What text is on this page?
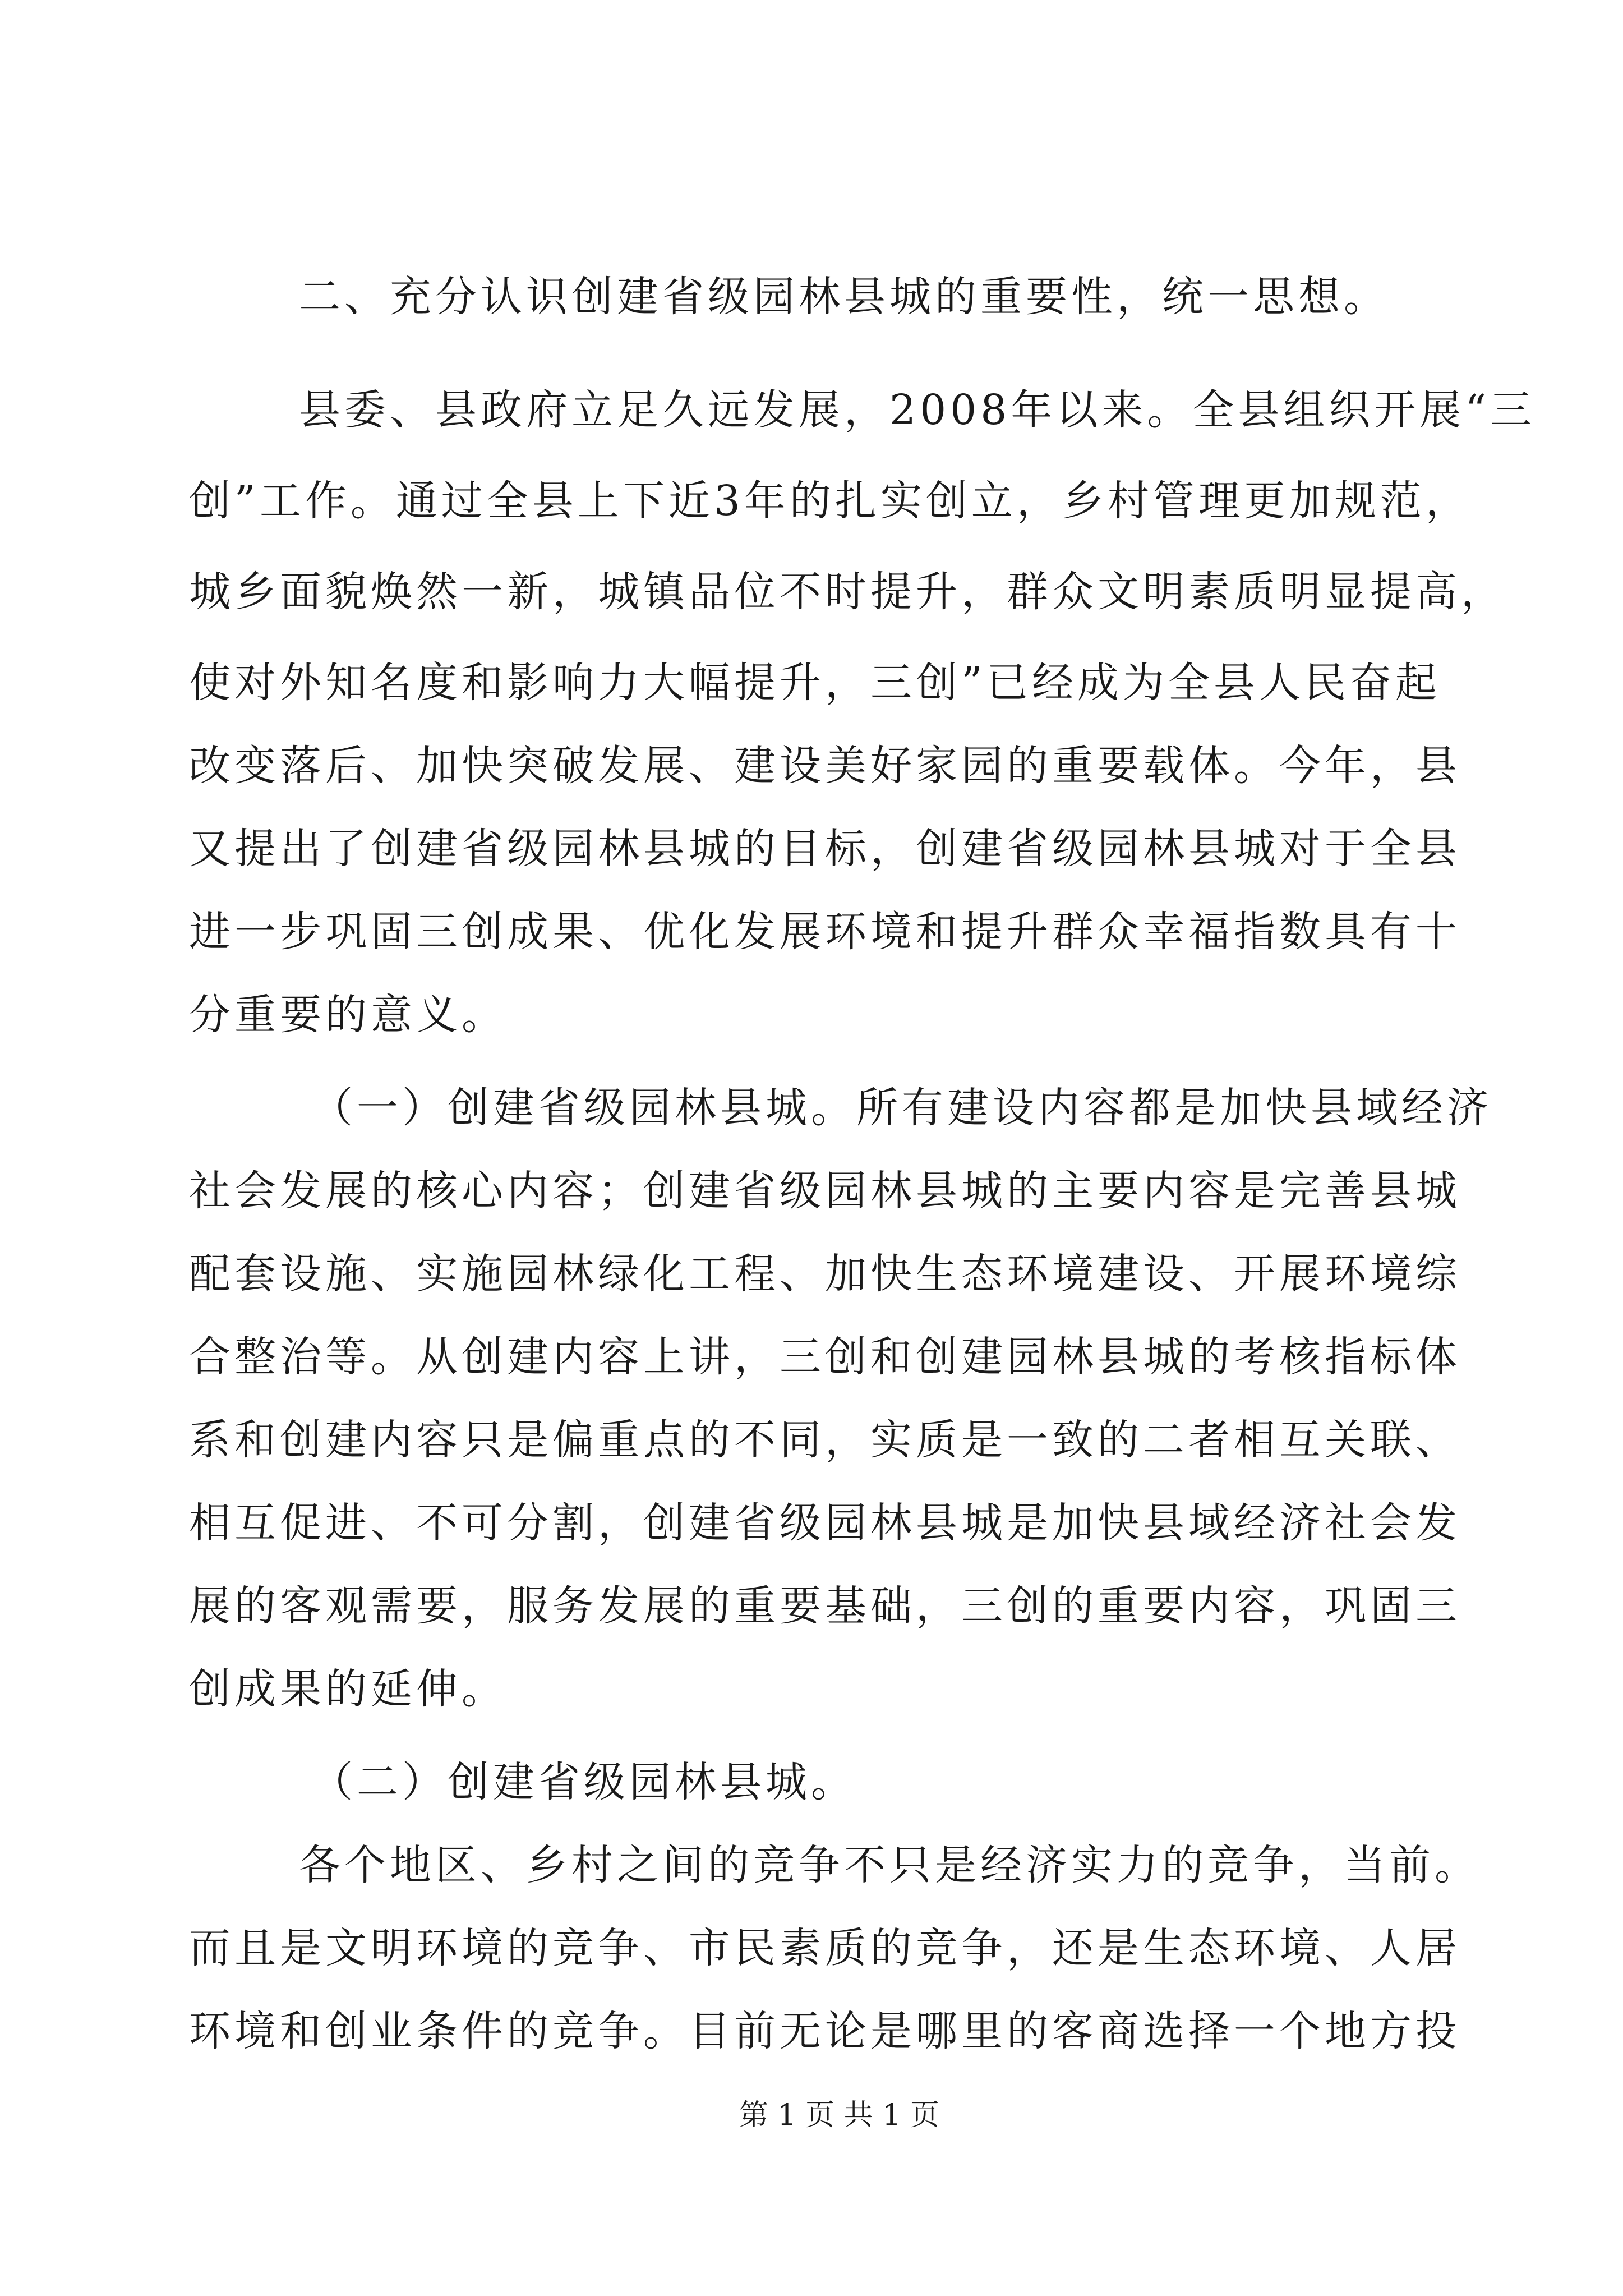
二、充分认识创建省级园林县城的重要性，统一思想。
县委、县政府立足久远发展，2008年以来。全县组织开展“三
创”工作。通过全县上下近3年的扎实创立，乡村管理更加规范，
城乡面貌焕然一新，城镇品位不时提升，群众文明素质明显提高，
使对外知名度和影响力大幅提升，三创”已经成为全县人民奋起
改变落后、加快突破发展、建设美好家园的重要载体。今年，县
又提出了创建省级园林县城的目标，创建省级园林县城对于全县
进一步巩固三创成果、优化发展环境和提升群众幸福指数具有十
分重要的意义。
（一）创建省级园林县城。所有建设内容都是加快县域经济
社会发展的核心内容；创建省级园林县城的主要内容是完善县城
配套设施、实施园林绿化工程、加快生态环境建设、开展环境综
合整治等。从创建内容上讲，三创和创建园林县城的考核指标体
系和创建内容只是偏重点的不同，实质是一致的二者相互关联、
相互促进、不可分割，创建省级园林县城是加快县域经济社会发
展的客观需要，服务发展的重要基础，三创的重要内容，巩固三
创成果的延伸。
（二）创建省级园林县城。
各个地区、乡村之间的竞争不只是经济实力的竞争，当前。
而且是文明环境的竞争、市民素质的竞争，还是生态环境、人居
环境和创业条件的竞争。目前无论是哪里的客商选择一个地方投
第 1 页 共 1 页
